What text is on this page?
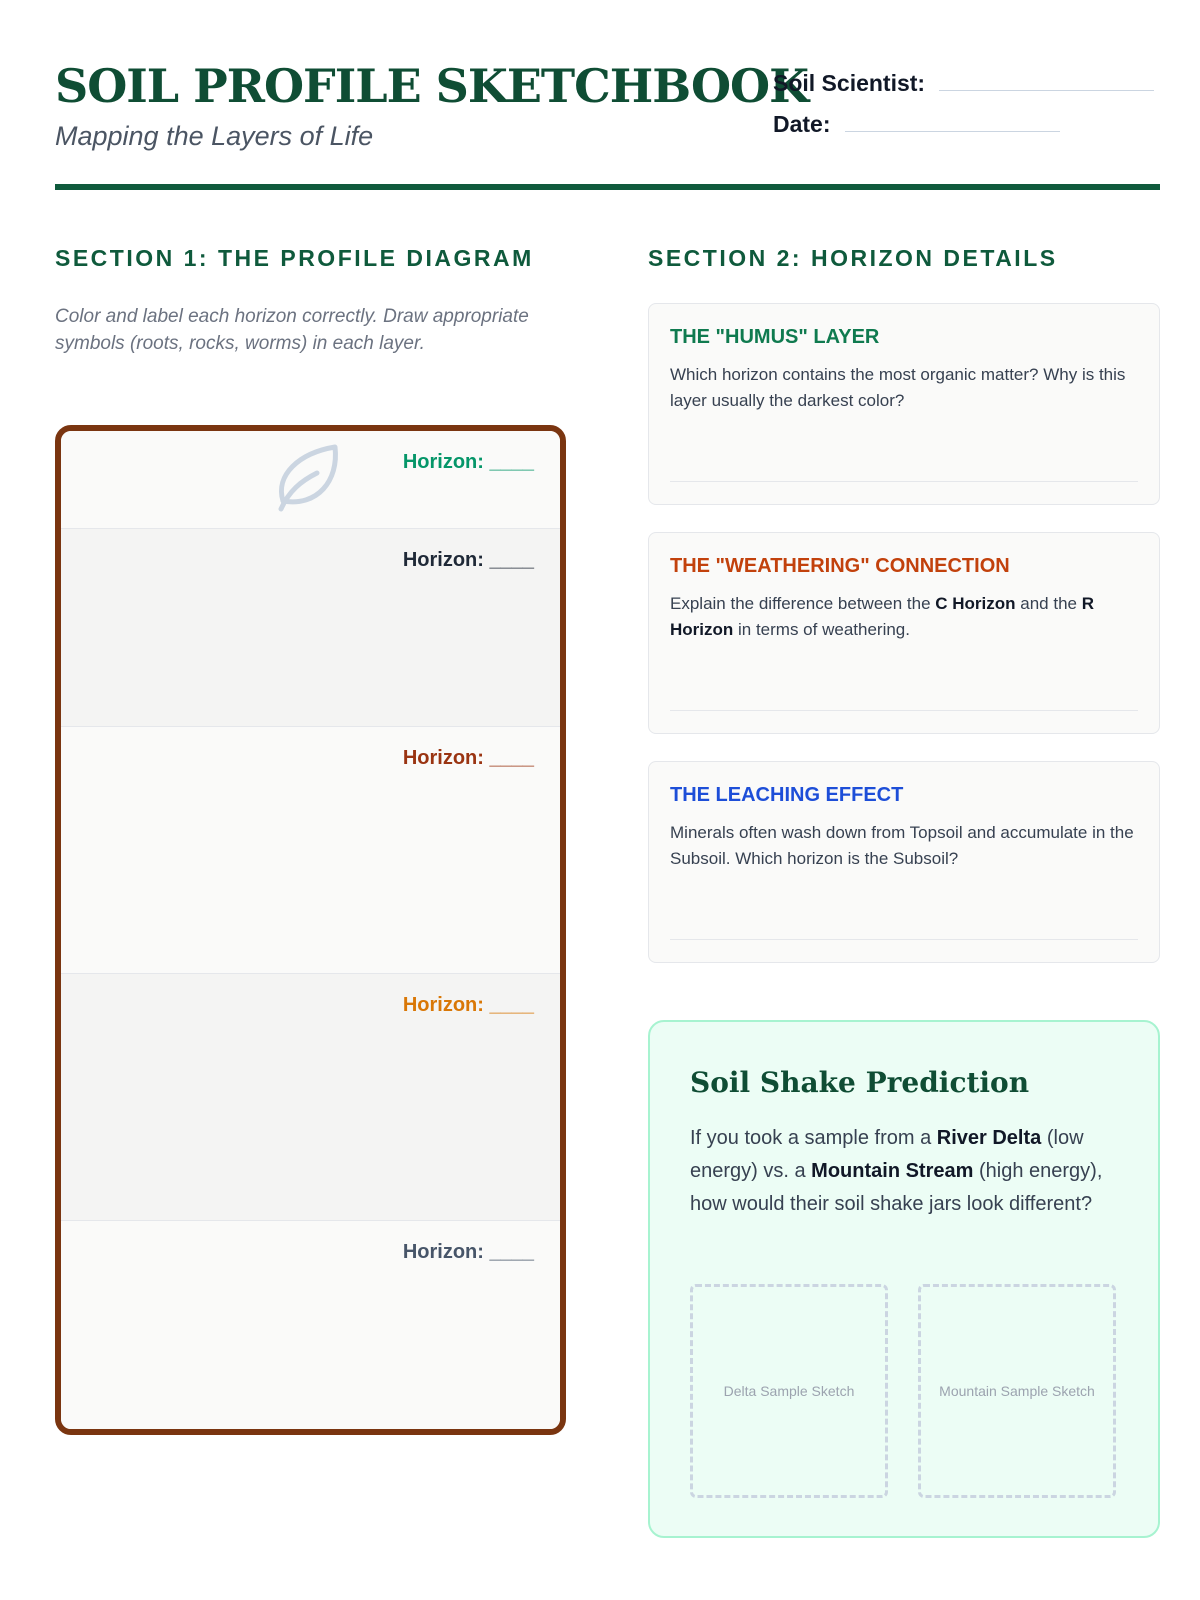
SOIL PROFILE SKETCHBOOK
Mapping the Layers of Life
Soil Scientist:
Date:
SECTION 1: THE PROFILE DIAGRAM
Color and label each horizon correctly. Draw appropriate symbols (roots, rocks, worms) in each layer.
Horizon: ____
Horizon: ____
Horizon: ____
Horizon: ____
Horizon: ____
SECTION 2: HORIZON DETAILS
THE "HUMUS" LAYER
Which horizon contains the most organic matter? Why is this layer usually the darkest color?
THE "WEATHERING" CONNECTION
Explain the difference between the C Horizon and the R Horizon in terms of weathering.
THE LEACHING EFFECT
Minerals often wash down from Topsoil and accumulate in the Subsoil. Which horizon is the Subsoil?
Soil Shake Prediction
If you took a sample from a River Delta (low energy) vs. a Mountain Stream (high energy), how would their soil shake jars look different?
Delta Sample Sketch	Mountain Sample Sketch
